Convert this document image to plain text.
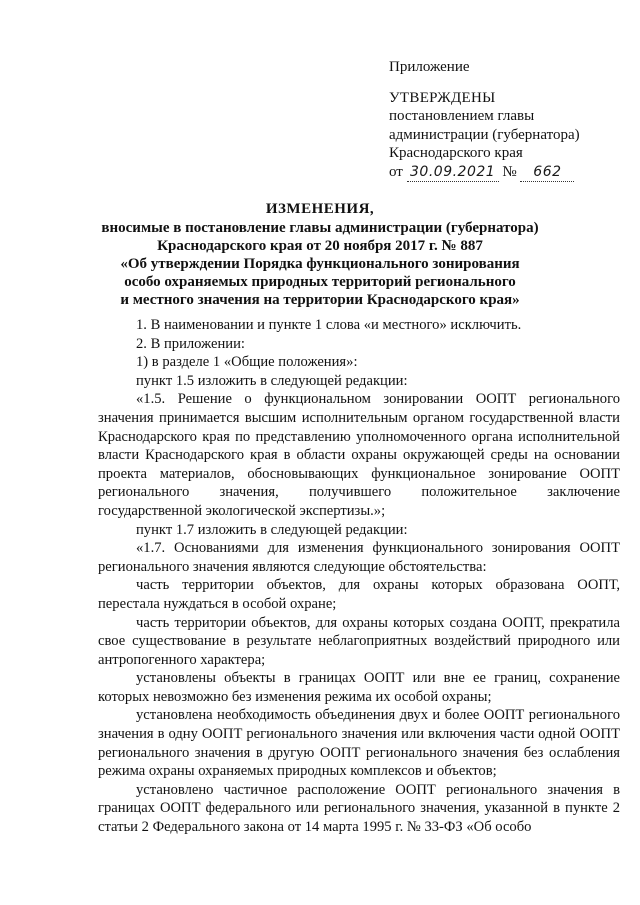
Приложение
УТВЕРЖДЕНЫ
постановлением главы
администрации (губернатора)
Краснодарского края
от 30.09.2021 № 662
ИЗМЕНЕНИЯ,
вносимые в постановление главы администрации (губернатора)
Краснодарского края от 20 ноября 2017 г. № 887
«Об утверждении Порядка функционального зонирования
особо охраняемых природных территорий регионального
и местного значения на территории Краснодарского края»

1. В наименовании и пункте 1 слова «и местного» исключить.

2. В приложении:

1) в разделе 1 «Общие положения»:

пункт 1.5 изложить в следующей редакции:

«1.5. Решение о функциональном зонировании ООПТ регионального значения принимается высшим исполнительным органом государственной власти Краснодарского края по представлению уполномоченного органа исполнительной власти Краснодарского края в области охраны окружающей среды на основании проекта материалов, обосновывающих функциональное зонирование ООПТ регионального значения, получившего положительное заключение государственной экологической экспертизы.»;

пункт 1.7 изложить в следующей редакции:

«1.7. Основаниями для изменения функционального зонирования ООПТ регионального значения являются следующие обстоятельства:

часть территории объектов, для охраны которых образована ООПТ, перестала нуждаться в особой охране;

часть территории объектов, для охраны которых создана ООПТ, прекратила свое существование в результате неблагоприятных воздействий природного или антропогенного характера;

установлены объекты в границах ООПТ или вне ее границ, сохранение которых невозможно без изменения режима их особой охраны;

установлена необходимость объединения двух и более ООПТ регионального значения в одну ООПТ регионального значения или включения части одной ООПТ регионального значения в другую ООПТ регионального значения без ослабления режима охраны охраняемых природных комплексов и объектов;

установлено частичное расположение ООПТ регионального значения в границах ООПТ федерального или регионального значения, указанной в пункте 2 статьи 2 Федерального закона от 14 марта 1995 г. № 33-ФЗ «Об особо
